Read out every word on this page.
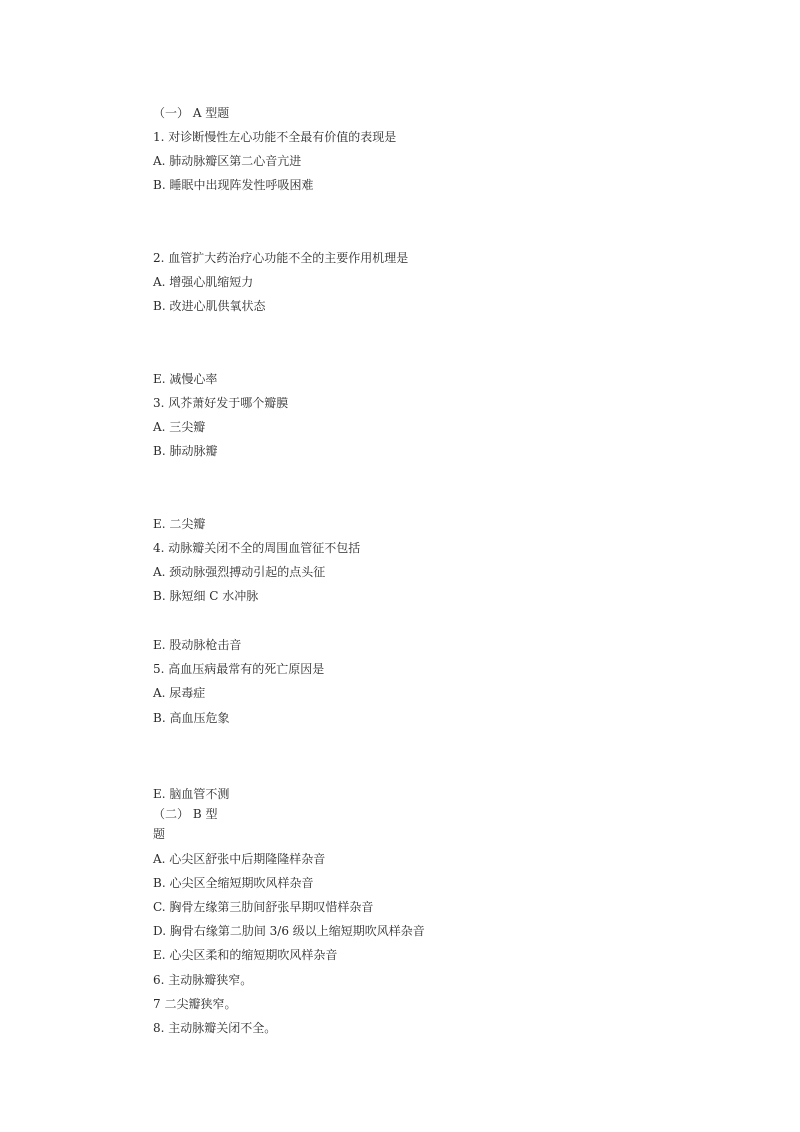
（一） A 型题
1. 对诊断慢性左心功能不全最有价值的表现是
A. 肺动脉瓣区第二心音亢进
B. 睡眠中出现阵发性呼吸困难
2. 血管扩大药治疗心功能不全的主要作用机理是
A. 增强心肌缩短力
B. 改进心肌供氧状态
E. 减慢心率
3. 风芥萧好发于哪个瓣膜
A. 三尖瓣
B. 肺动脉瓣
E. 二尖瓣
4. 动脉瓣关闭不全的周围血管征不包括
A. 颈动脉强烈搏动引起的点头征
B. 脉短细 C 水冲脉
E. 股动脉枪击音
5. 高血压病最常有的死亡原因是
A. 尿毒症
B. 高血压危象
E. 脑血管不测
（二） B 型
题
A. 心尖区舒张中后期隆隆样杂音
B. 心尖区全缩短期吹风样杂音
C. 胸骨左缘第三肋间舒张早期叹惜样杂音
D. 胸骨右缘第二肋间 3/6 级以上缩短期吹风样杂音
E. 心尖区柔和的缩短期吹风样杂音
6. 主动脉瓣狭窄。
7 二尖瓣狭窄。
8. 主动脉瓣关闭不全。
